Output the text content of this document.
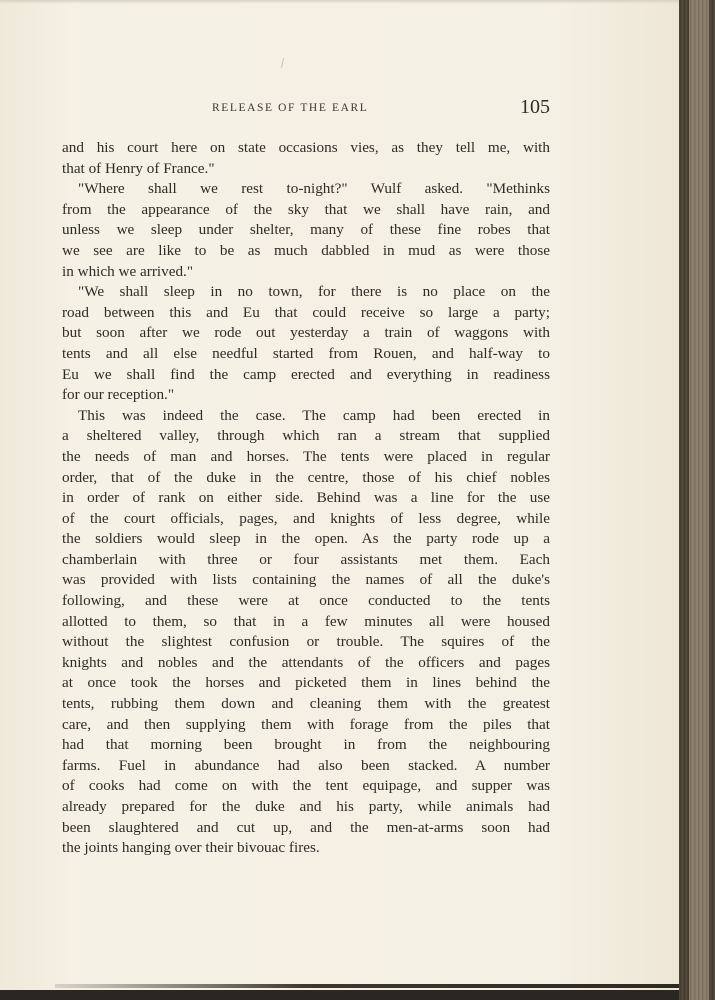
RELEASE OF THE EARL	105
and his court here on state occasions vies, as they tell me, with
that of Henry of France."
"Where shall we rest to-night?" Wulf asked. "Methinks
from the appearance of the sky that we shall have rain, and
unless we sleep under shelter, many of these fine robes that
we see are like to be as much dabbled in mud as were those
in which we arrived."
"We shall sleep in no town, for there is no place on the
road between this and Eu that could receive so large a party;
but soon after we rode out yesterday a train of waggons with
tents and all else needful started from Rouen, and half-way to
Eu we shall find the camp erected and everything in readiness
for our reception."
This was indeed the case. The camp had been erected in
a sheltered valley, through which ran a stream that supplied
the needs of man and horses. The tents were placed in regular
order, that of the duke in the centre, those of his chief nobles
in order of rank on either side. Behind was a line for the use
of the court officials, pages, and knights of less degree, while
the soldiers would sleep in the open. As the party rode up a
chamberlain with three or four assistants met them. Each
was provided with lists containing the names of all the duke's
following, and these were at once conducted to the tents
allotted to them, so that in a few minutes all were housed
without the slightest confusion or trouble. The squires of the
knights and nobles and the attendants of the officers and pages
at once took the horses and picketed them in lines behind the
tents, rubbing them down and cleaning them with the greatest
care, and then supplying them with forage from the piles that
had that morning been brought in from the neighbouring
farms. Fuel in abundance had also been stacked. A number
of cooks had come on with the tent equipage, and supper was
already prepared for the duke and his party, while animals had
been slaughtered and cut up, and the men-at-arms soon had
the joints hanging over their bivouac fires.
